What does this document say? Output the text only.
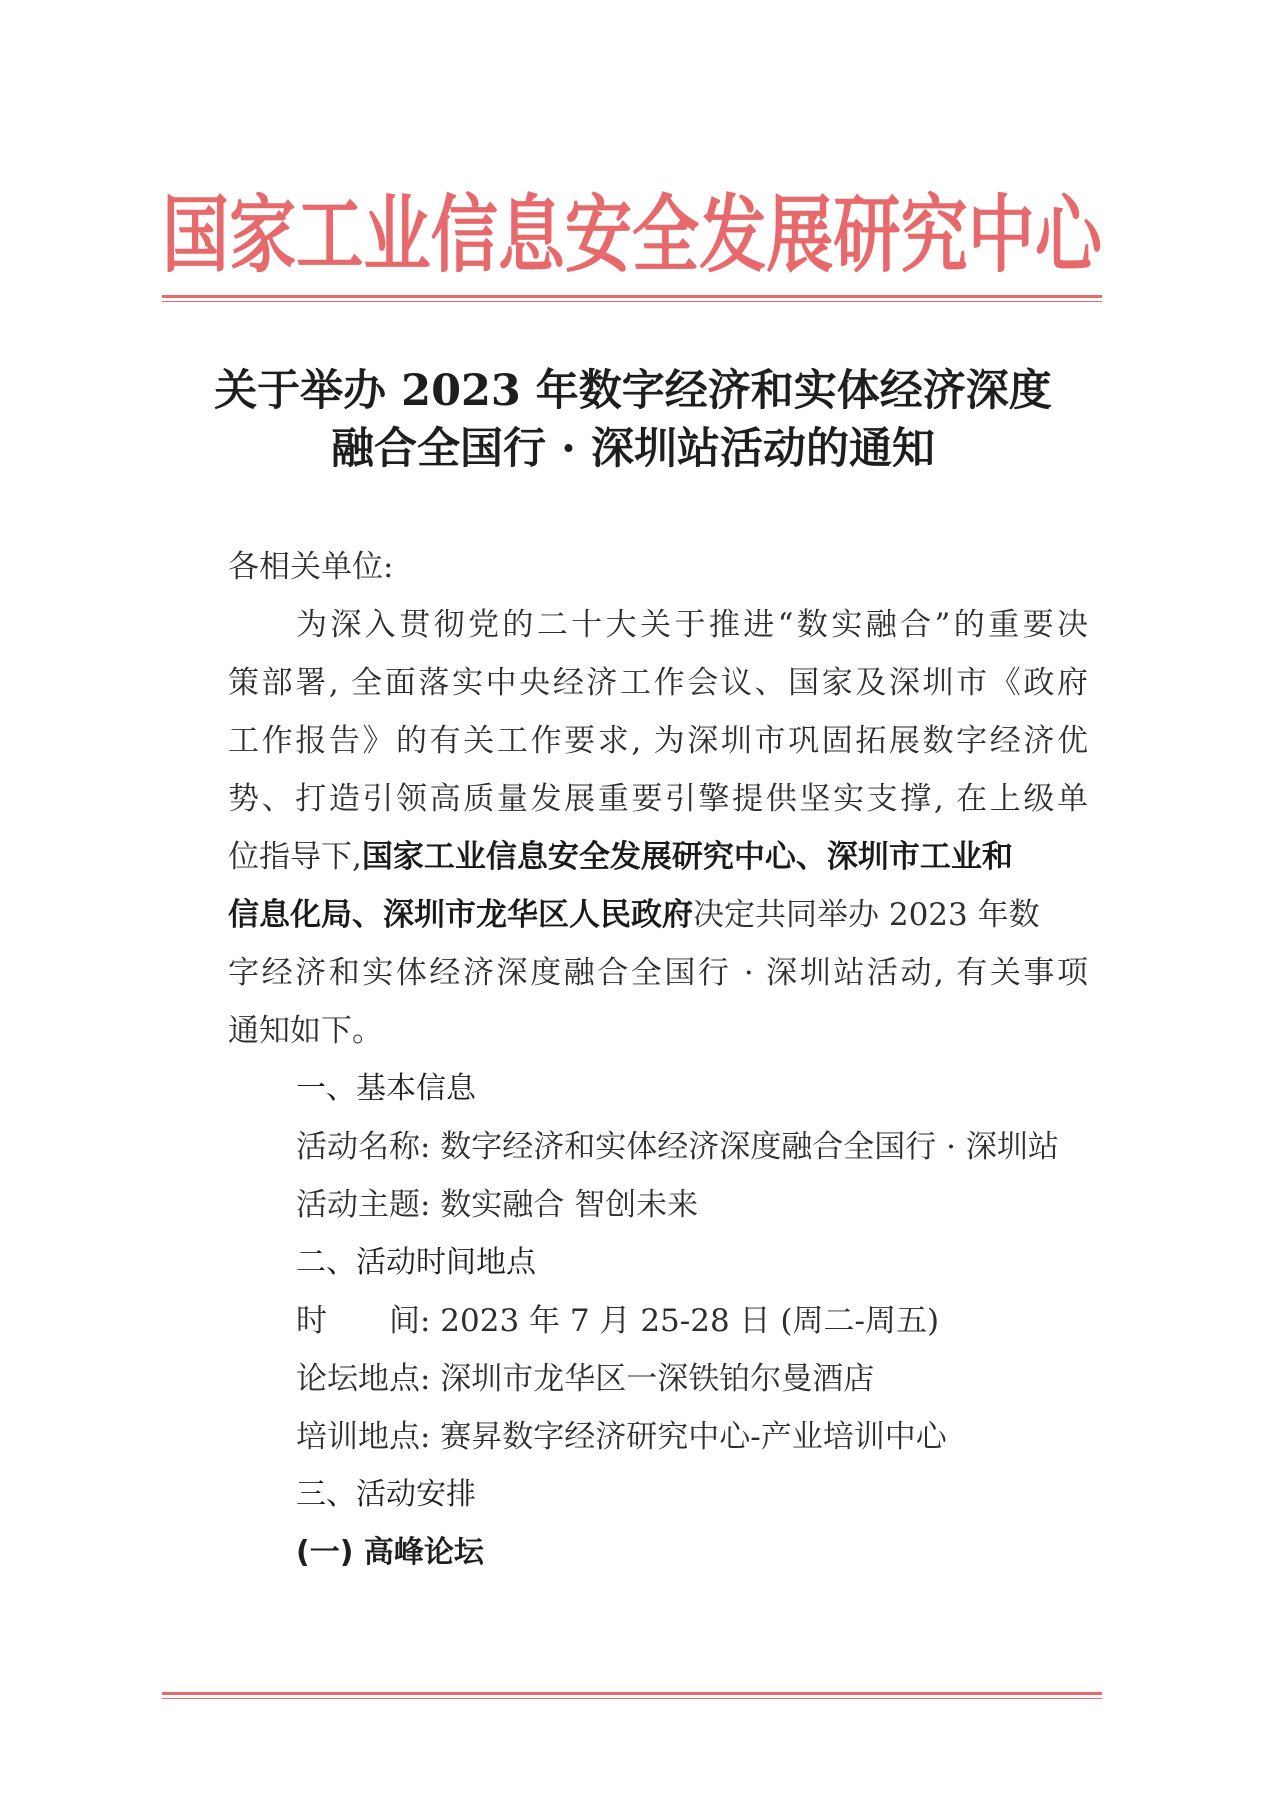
国家工业信息安全发展研究中心
关于举办 2023 年数字经济和实体经济深度
融合全国行 · 深圳站活动的通知
各相关单位:
为深入贯彻党的二十大关于推进“数实融合”的重要决
策部署, 全面落实中央经济工作会议、国家及深圳市《政府
工作报告》的有关工作要求, 为深圳市巩固拓展数字经济优
势、打造引领高质量发展重要引擎提供坚实支撑, 在上级单
位指导下,国家工业信息安全发展研究中心、深圳市工业和
信息化局、深圳市龙华区人民政府决定共同举办 2023 年数
字经济和实体经济深度融合全国行 · 深圳站活动, 有关事项
通知如下。
一、基本信息
活动名称: 数字经济和实体经济深度融合全国行 · 深圳站
活动主题: 数实融合 智创未来
二、活动时间地点
时　　间: 2023 年 7 月 25-28 日 (周二-周五)
论坛地点: 深圳市龙华区一深铁铂尔曼酒店
培训地点: 赛昇数字经济研究中心-产业培训中心
三、活动安排
(一) 高峰论坛
